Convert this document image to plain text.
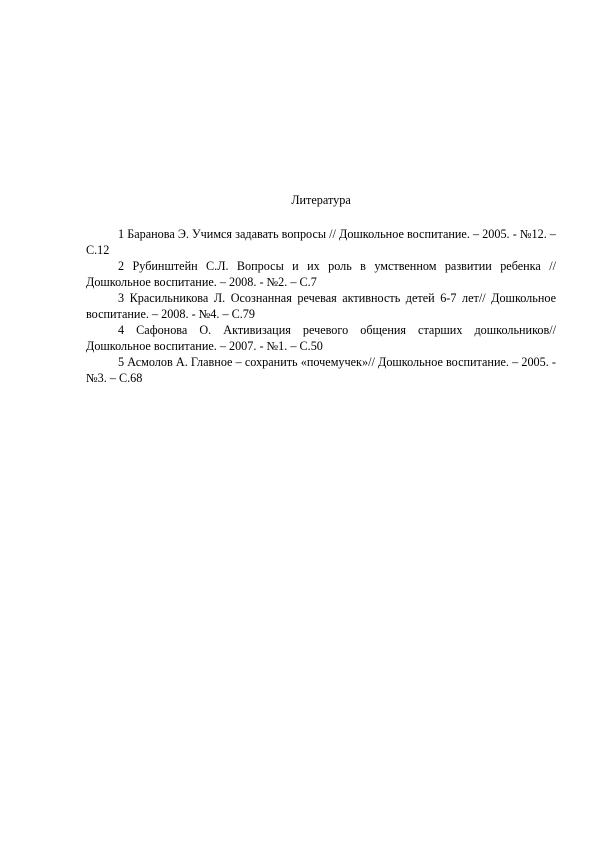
Литература

1 Баранова Э. Учимся задавать вопросы // Дошкольное воспитание. – 2005. - №12. – С.12

2 Рубинштейн С.Л. Вопросы и их роль в умственном развитии ребенка //Дошкольное воспитание. – 2008. - №2. – С.7

3 Красильникова Л. Осознанная речевая активность детей 6-7 лет// Дошкольное воспитание. – 2008. - №4. – С.79

4 Сафонова О. Активизация речевого общения старших дошкольников// Дошкольное воспитание. – 2007. - №1. – С.50

5 Асмолов А. Главное – сохранить «почемучек»// Дошкольное воспитание. – 2005. - №3. – С.68
